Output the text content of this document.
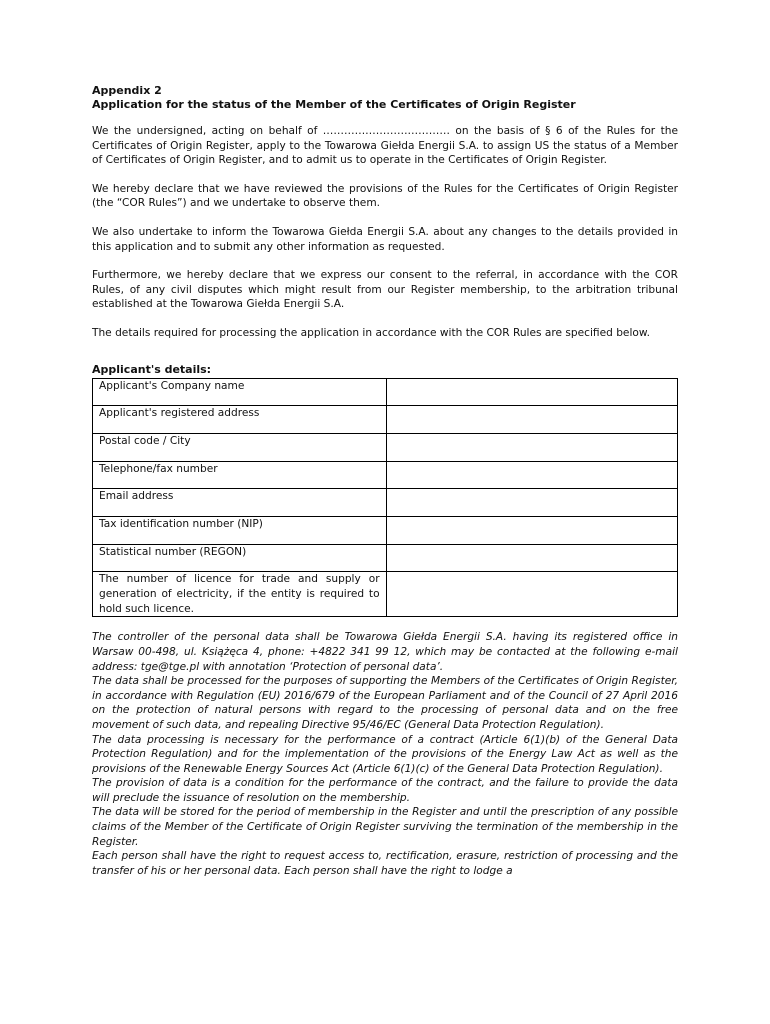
Appendix 2

Application for the status of the Member of the Certificates of Origin Register

We the undersigned, acting on behalf of ……………………………… on the basis of § 6 of the Rules for the Certificates of Origin Register, apply to the Towarowa Giełda Energii S.A. to assign US the status of a Member of Certificates of Origin Register, and to admit us to operate in the Certificates of Origin Register.

We hereby declare that we have reviewed the provisions of the Rules for the Certificates of Origin Register (the “COR Rules”) and we undertake to observe them.

We also undertake to inform the Towarowa Giełda Energii S.A. about any changes to the details provided in this application and to submit any other information as requested.

Furthermore, we hereby declare that we express our consent to the referral, in accordance with the COR Rules, of any civil disputes which might result from our Register membership, to the arbitration tribunal established at the Towarowa Giełda Energii S.A.

The details required for processing the application in accordance with the COR Rules are specified below.

Applicant's details:
Applicant's Company name	
Applicant's registered address	
Postal code / City	
Telephone/fax number	
Email address	
Tax identification number (NIP)	
Statistical number (REGON)	
The number of licence for trade and supply or generation of electricity, if the entity is required to hold such licence.	

The controller of the personal data shall be Towarowa Giełda Energii S.A. having its registered office in Warsaw 00-498, ul. Książęca 4, phone: +4822 341 99 12, which may be contacted at the following e-mail address: tge@tge.pl with annotation ‘Protection of personal data’.

The data shall be processed for the purposes of supporting the Members of the Certificates of Origin Register, in accordance with Regulation (EU) 2016/679 of the European Parliament and of the Council of 27 April 2016 on the protection of natural persons with regard to the processing of personal data and on the free movement of such data, and repealing Directive 95/46/EC (General Data Protection Regulation).

The data processing is necessary for the performance of a contract (Article 6(1)(b) of the General Data Protection Regulation) and for the implementation of the provisions of the Energy Law Act as well as the provisions of the Renewable Energy Sources Act (Article 6(1)(c) of the General Data Protection Regulation).

The provision of data is a condition for the performance of the contract, and the failure to provide the data will preclude the issuance of resolution on the membership.

The data will be stored for the period of membership in the Register and until the prescription of any possible claims of the Member of the Certificate of Origin Register surviving the termination of the membership in the Register.

Each person shall have the right to request access to, rectification, erasure, restriction of processing and the transfer of his or her personal data. Each person shall have the right to lodge a
